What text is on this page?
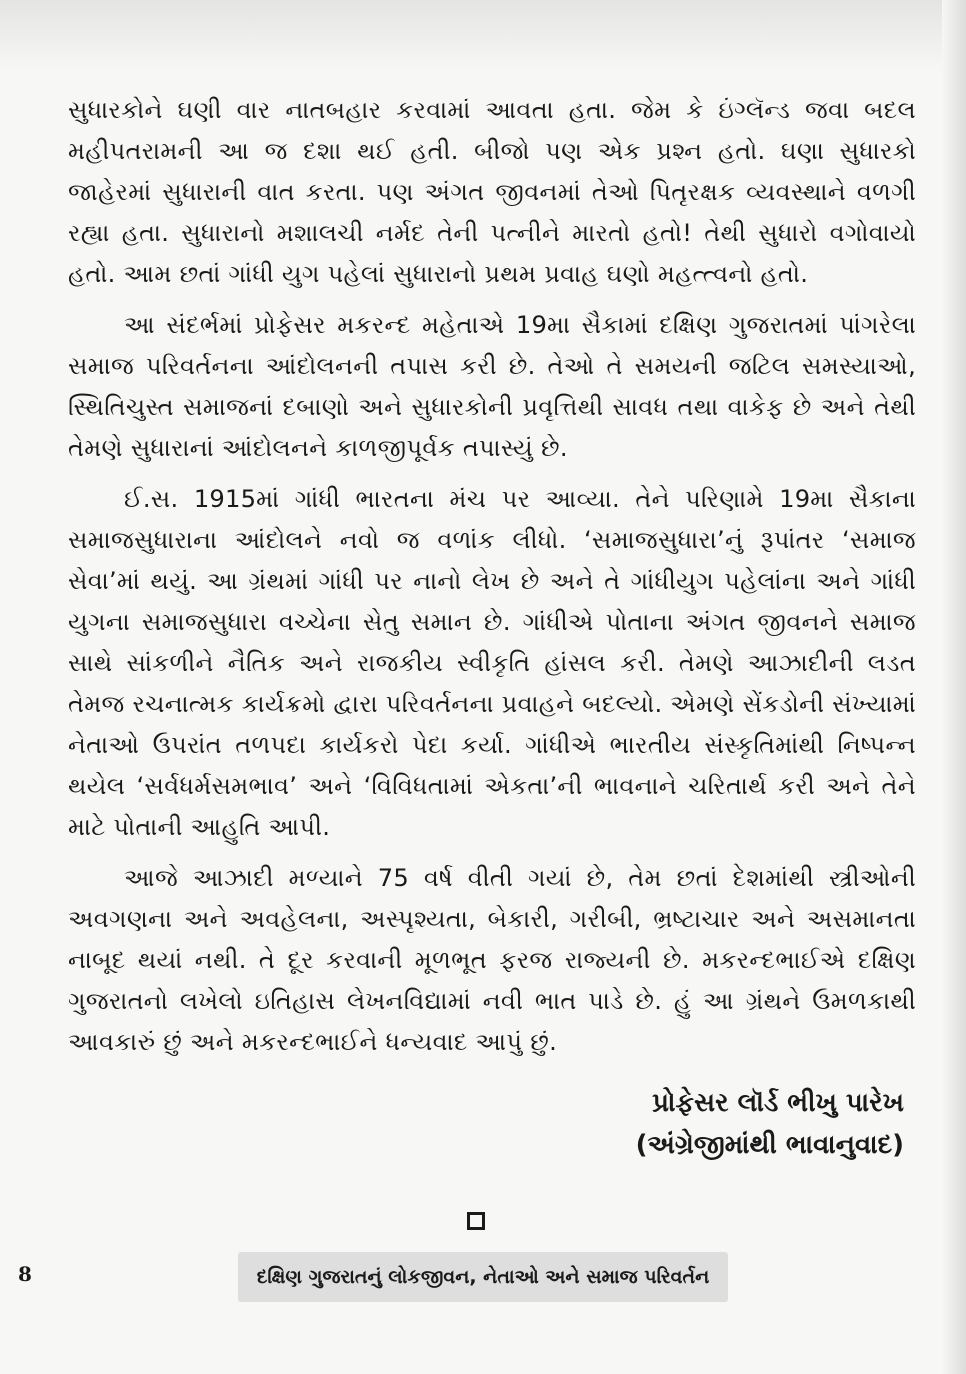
સુધારકોને ઘણી વાર નાતબહાર કરવામાં આવતા હતા. જેમ કે ઇંગ્લૅન્ડ જવા બદલ મહીપતરામની આ જ દશા થઈ હતી. બીજો પણ એક પ્રશ્ન હતો. ઘણા સુધારકો જાહેરમાં સુધારાની વાત કરતા. પણ અંગત જીવનમાં તેઓ પિતૃરક્ષક વ્યવસ્થાને વળગી રહ્યા હતા. સુધારાનો મશાલચી નર્મદ તેની પત્નીને મારતો હતો! તેથી સુધારો વગોવાયો હતો. આમ છતાં ગાંધી યુગ પહેલાં સુધારાનો પ્રથમ પ્રવાહ ઘણો મહત્ત્વનો હતો.

આ સંદર્ભમાં પ્રોફેસર મકરન્દ મહેતાએ 19મા સૈકામાં દક્ષિણ ગુજરાતમાં પાંગરેલા સમાજ પરિવર્તનના આંદોલનની તપાસ કરી છે. તેઓ તે સમયની જટિલ સમસ્યાઓ, સ્થિતિચુસ્ત સમાજનાં દબાણો અને સુધારકોની પ્રવૃત્તિથી સાવધ તથા વાકેફ છે અને તેથી તેમણે સુધારાનાં આંદોલનને કાળજીપૂર્વક તપાસ્યું છે.

ઈ.સ. 1915માં ગાંધી ભારતના મંચ પર આવ્યા. તેને પરિણામે 19મા સૈકાના સમાજસુધારાના આંદોલને નવો જ વળાંક લીધો. ‘સમાજસુધારા’નું રૂપાંતર ‘સમાજ સેવા’માં થયું. આ ગ્રંથમાં ગાંધી પર નાનો લેખ છે અને તે ગાંધીયુગ પહેલાંના અને ગાંધી યુગના સમાજસુધારા વચ્ચેના સેતુ સમાન છે. ગાંધીએ પોતાના અંગત જીવનને સમાજ સાથે સાંકળીને નૈતિક અને રાજકીય સ્વીકૃતિ હાંસલ કરી. તેમણે આઝાદીની લડત તેમજ રચનાત્મક કાર્યક્રમો દ્વારા પરિવર્તનના પ્રવાહને બદલ્યો. એમણે સેંકડોની સંખ્યામાં નેતાઓ ઉપરાંત તળપદા કાર્યકરો પેદા કર્યા. ગાંધીએ ભારતીય સંસ્કૃતિમાંથી નિષ્પન્ન થયેલ ‘સર્વધર્મસમભાવ’ અને ‘વિવિધતામાં એકતા’ની ભાવનાને ચરિતાર્થ કરી અને તેને માટે પોતાની આહુતિ આપી.

આજે આઝાદી મળ્યાને 75 વર્ષ વીતી ગયાં છે, તેમ છતાં દેશમાંથી સ્ત્રીઓની અવગણના અને અવહેલના, અસ્પૃશ્યતા, બેકારી, ગરીબી, ભ્રષ્ટાચાર અને અસમાનતા નાબૂદ થયાં નથી. તે દૂર કરવાની મૂળભૂત ફરજ રાજ્યની છે. મકરન્દભાઈએ દક્ષિણ ગુજરાતનો લખેલો ઇતિહાસ લેખનવિદ્યામાં નવી ભાત પાડે છે. હું આ ગ્રંથને ઉમળકાથી આવકારું છું અને મકરન્દભાઈને ધન્યવાદ આપું છું.

પ્રોફેસર લૉર્ડ ભીખુ પારેખ

(અંગ્રેજીમાંથી ભાવાનુવાદ)

8	દક્ષિણ ગુજરાતનું લોકજીવન, નેતાઓ અને સમાજ પરિવર્તન
